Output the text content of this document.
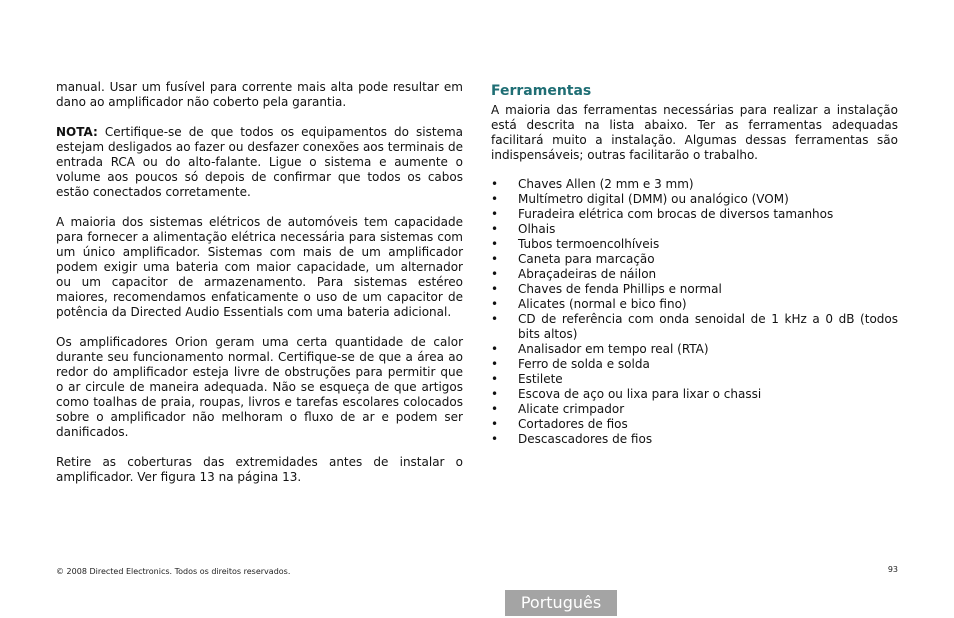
manual. Usar um fusível para corrente mais alta pode resultar em dano ao amplificador não coberto pela garantia.

NOTA: Certifique-se de que todos os equipamentos do sistema estejam desligados ao fazer ou desfazer conexões aos terminais de entrada RCA ou do alto-falante. Ligue o sistema e aumente o volume aos poucos só depois de confirmar que todos os cabos estão conectados corretamente.

A maioria dos sistemas elétricos de automóveis tem capacidade para fornecer a alimentação elétrica necessária para sistemas com um único amplificador. Sistemas com mais de um amplificador podem exigir uma bateria com maior capacidade, um alternador ou um capacitor de armazenamento. Para sistemas estéreo maiores, recomendamos enfaticamente o uso de um capacitor de potência da Directed Audio Essentials com uma bateria adicional.

Os amplificadores Orion geram uma certa quantidade de calor durante seu funcionamento normal. Certifique-se de que a área ao redor do amplificador esteja livre de obstruções para permitir que o ar circule de maneira adequada. Não se esqueça de que artigos como toalhas de praia, roupas, livros e tarefas escolares colocados sobre o amplificador não melhoram o fluxo de ar e podem ser danificados.

Retire as coberturas das extremidades antes de instalar o amplificador. Ver figura 13 na página 13.

Ferramentas

A maioria das ferramentas necessárias para realizar a instalação está descrita na lista abaixo. Ter as ferramentas adequadas facilitará muito a instalação. Algumas dessas ferramentas são indispensáveis; outras facilitarão o trabalho.

• Chaves Allen (2 mm e 3 mm)
• Multímetro digital (DMM) ou analógico (VOM)
• Furadeira elétrica com brocas de diversos tamanhos
• Olhais
• Tubos termoencolhíveis
• Caneta para marcação
• Abraçadeiras de náilon
• Chaves de fenda Phillips e normal
• Alicates (normal e bico fino)
• CD de referência com onda senoidal de 1 kHz a 0 dB (todos bits altos)
• Analisador em tempo real (RTA)
• Ferro de solda e solda
• Estilete
• Escova de aço ou lixa para lixar o chassi
• Alicate crimpador
• Cortadores de fios
• Descascadores de fios
© 2008 Directed Electronics. Todos os direitos reservados.	93
Português
